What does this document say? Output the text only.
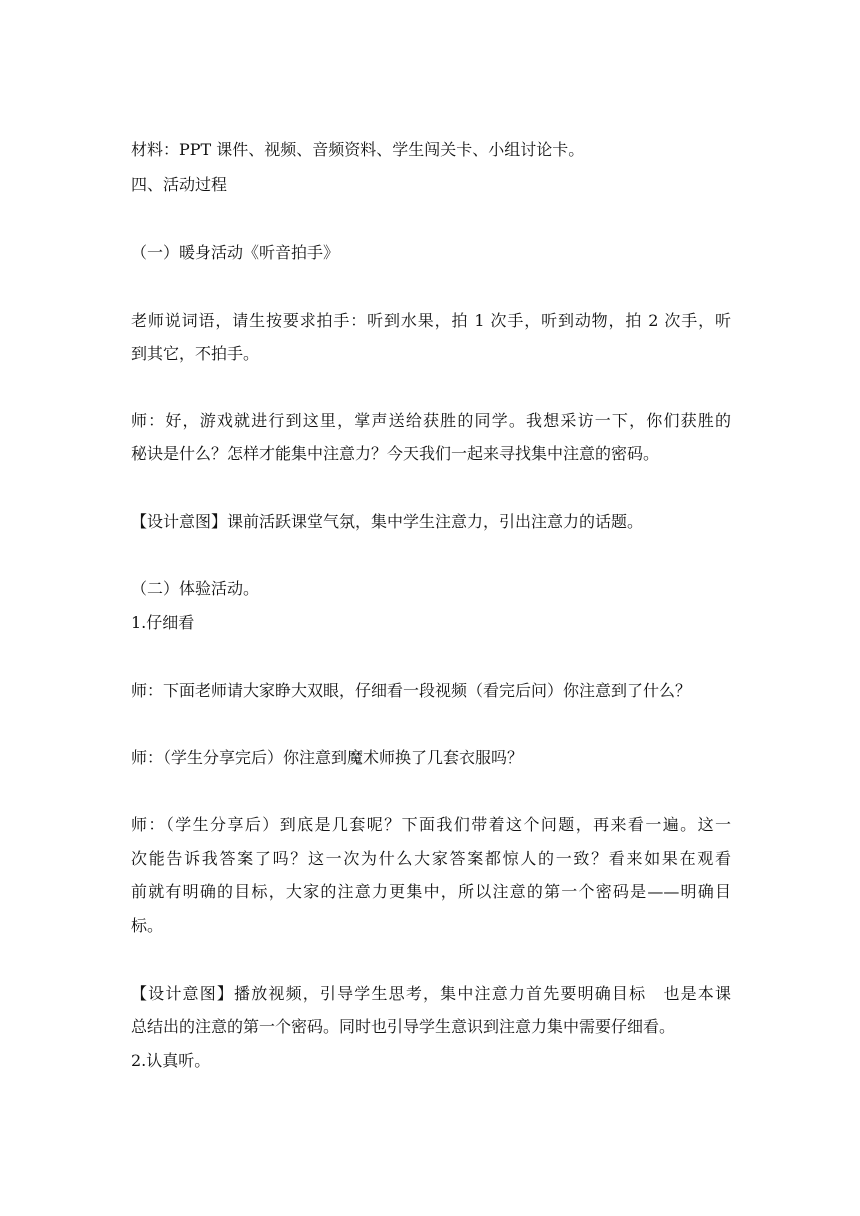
材料：PPT 课件、视频、音频资料、学生闯关卡、小组讨论卡。
四、活动过程
（一）暖身活动《听音拍手》
老师说词语，请生按要求拍手：听到水果，拍 1 次手，听到动物，拍 2 次手，听
到其它，不拍手。
师：好，游戏就进行到这里，掌声送给获胜的同学。我想采访一下，你们获胜的
秘诀是什么？怎样才能集中注意力？今天我们一起来寻找集中注意的密码。
【设计意图】课前活跃课堂气氛，集中学生注意力，引出注意力的话题。
（二）体验活动。
1.仔细看
师：下面老师请大家睁大双眼，仔细看一段视频（看完后问）你注意到了什么？
师：（学生分享完后）你注意到魔术师换了几套衣服吗？
师：（学生分享后）到底是几套呢？下面我们带着这个问题，再来看一遍。这一
次能告诉我答案了吗？这一次为什么大家答案都惊人的一致？看来如果在观看
前就有明确的目标，大家的注意力更集中，所以注意的第一个密码是——明确目
标。
【设计意图】播放视频，引导学生思考，集中注意力首先要明确目标　也是本课
总结出的注意的第一个密码。同时也引导学生意识到注意力集中需要仔细看。
2.认真听。
